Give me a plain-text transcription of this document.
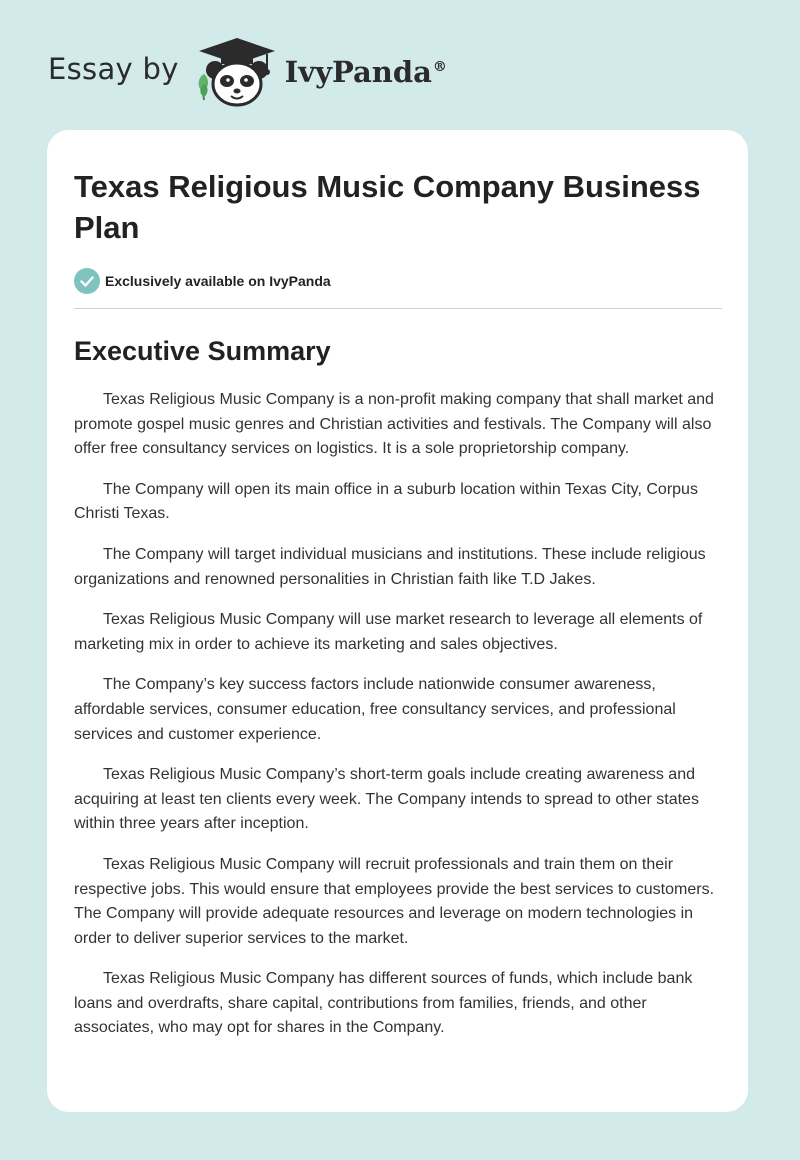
Essay by	IvyPanda®
Texas Religious Music Company Business Plan
Exclusively available on IvyPanda
Executive Summary

Texas Religious Music Company is a non-profit making company that shall market and promote gospel music genres and Christian activities and festivals. The Company will also offer free consultancy services on logistics. It is a sole proprietorship company.

The Company will open its main office in a suburb location within Texas City, Corpus Christi Texas.

The Company will target individual musicians and institutions. These include religious organizations and renowned personalities in Christian faith like T.D Jakes.

Texas Religious Music Company will use market research to leverage all elements of marketing mix in order to achieve its marketing and sales objectives.

The Company’s key success factors include nationwide consumer awareness, affordable services, consumer education, free consultancy services, and professional services and customer experience.

Texas Religious Music Company’s short-term goals include creating awareness and acquiring at least ten clients every week. The Company intends to spread to other states within three years after inception.

Texas Religious Music Company will recruit professionals and train them on their respective jobs. This would ensure that employees provide the best services to customers. The Company will provide adequate resources and leverage on modern technologies in order to deliver superior services to the market.

Texas Religious Music Company has different sources of funds, which include bank loans and overdrafts, share capital, contributions from families, friends, and other associates, who may opt for shares in the Company.
